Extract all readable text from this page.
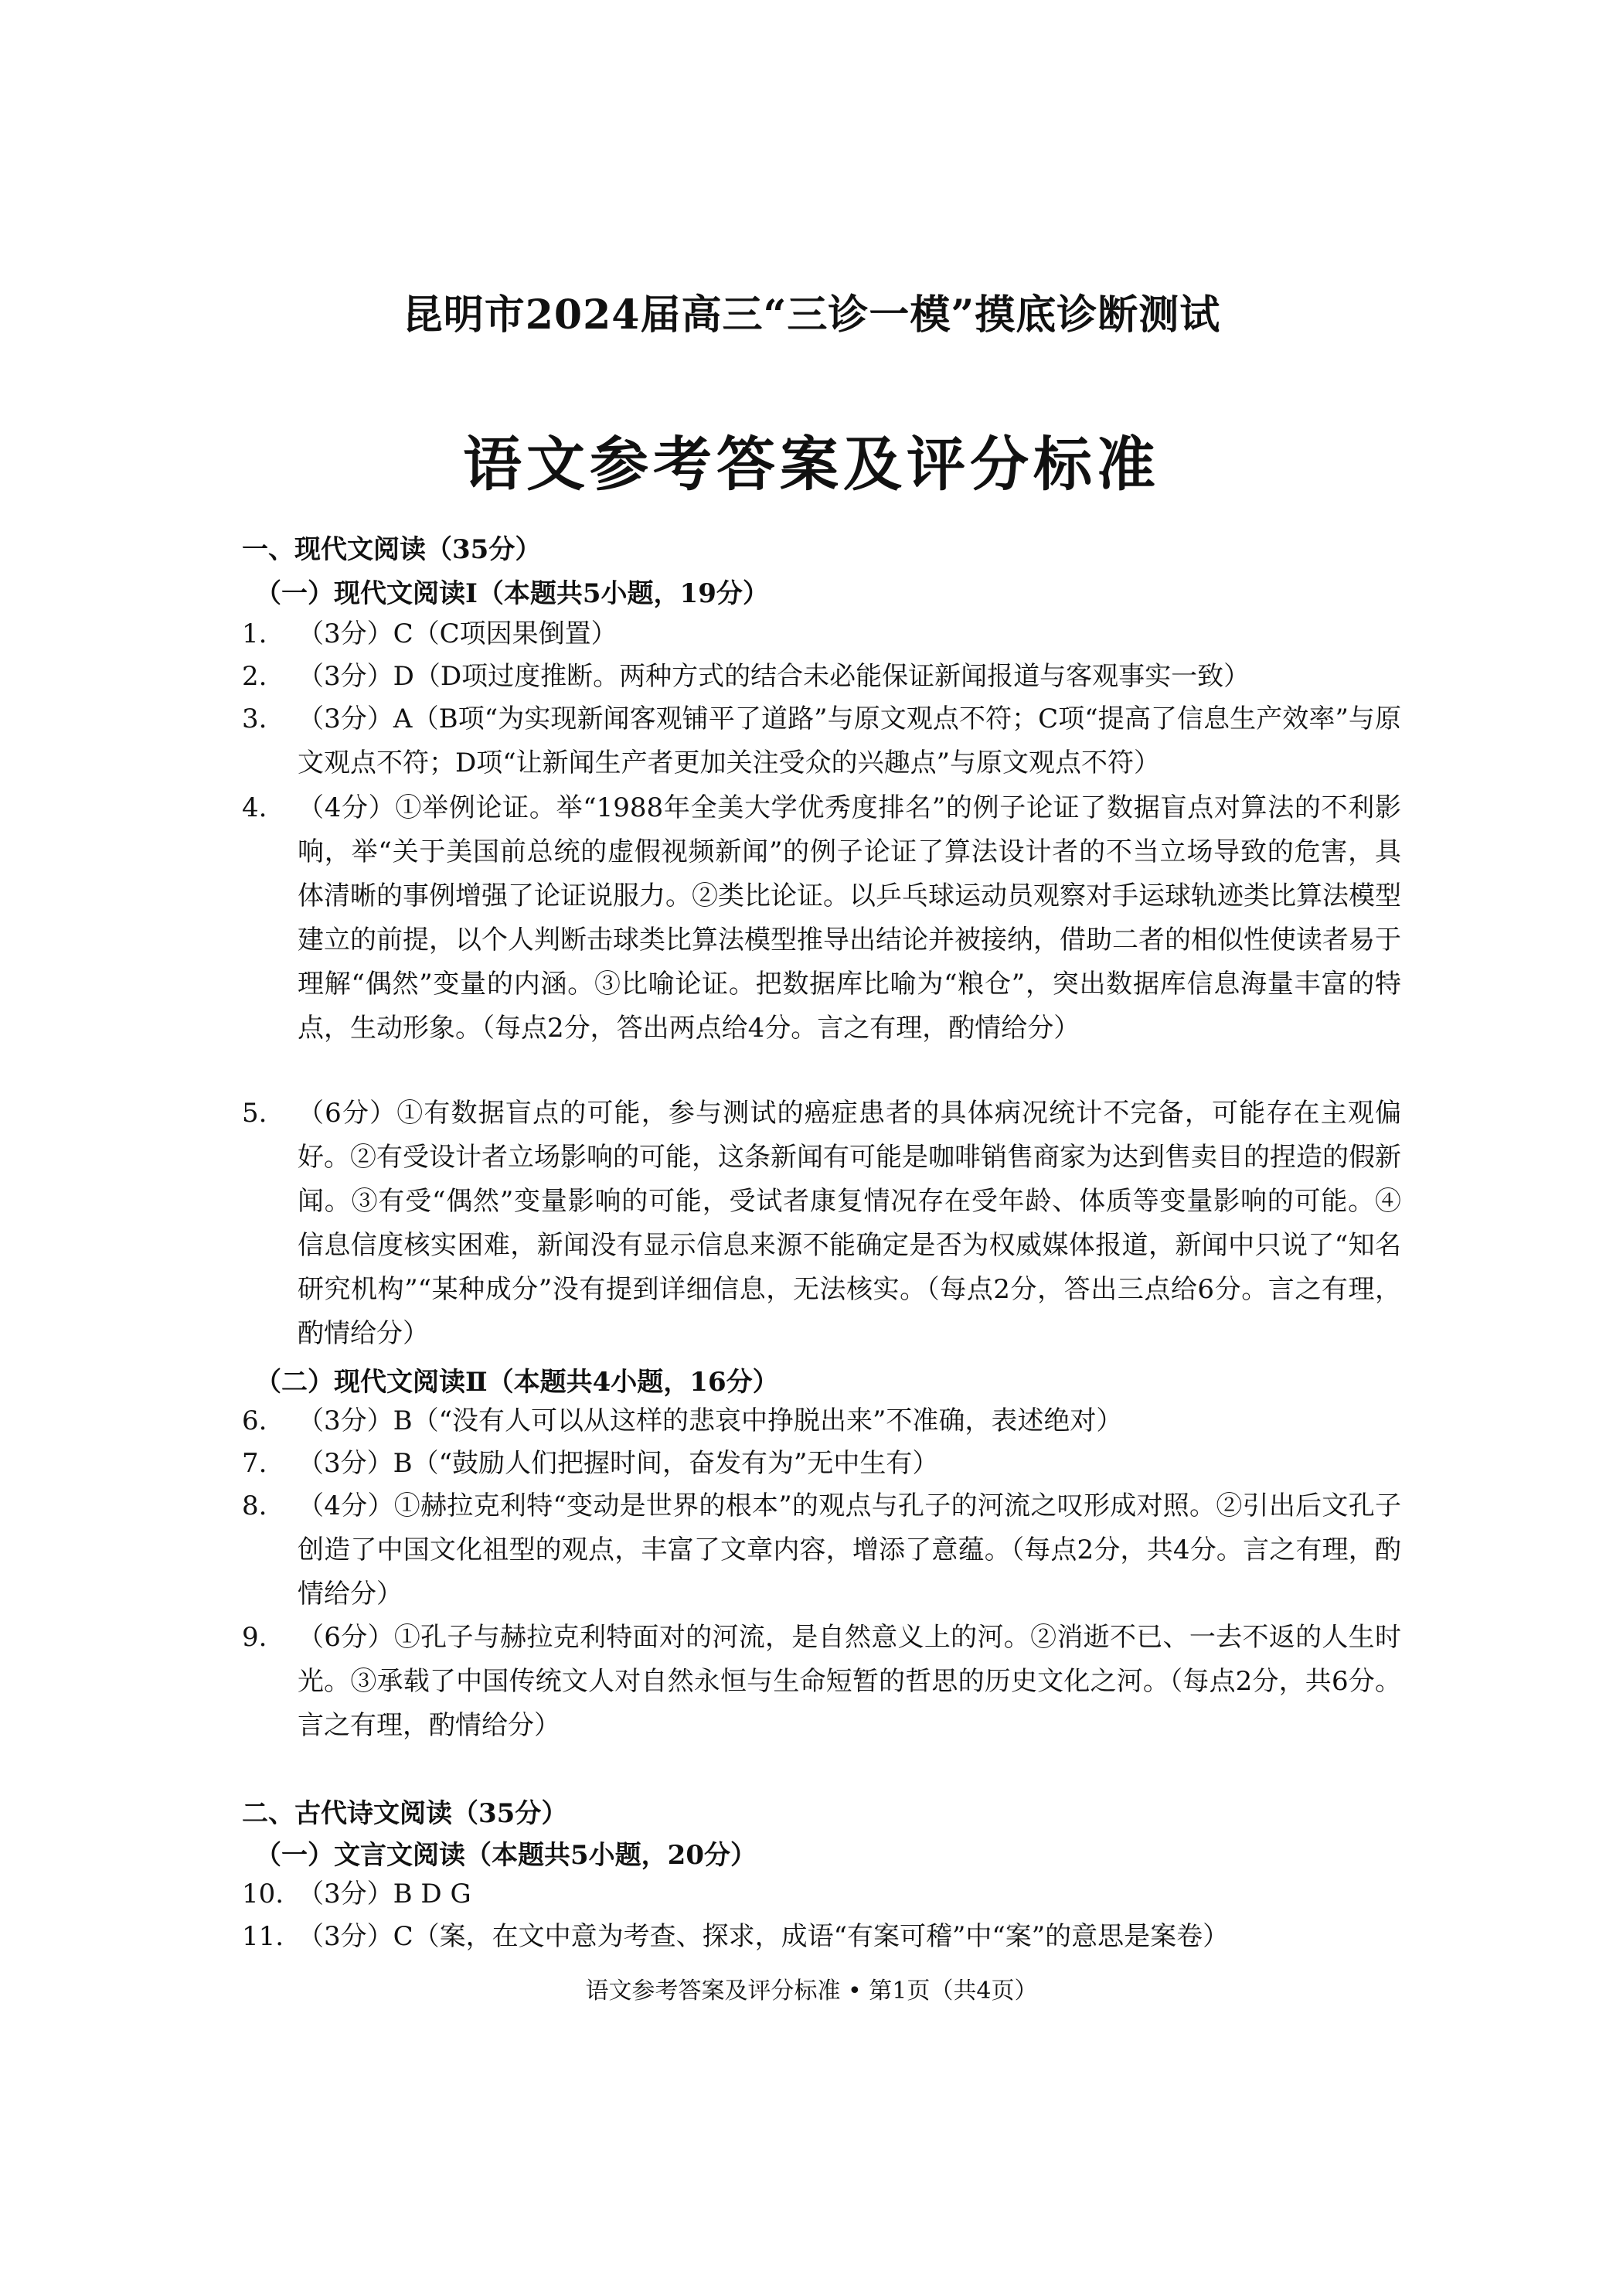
昆明市2024届高三“三诊一模”摸底诊断测试
语文参考答案及评分标准
一、现代文阅读（35分）
（一）现代文阅读Ⅰ（本题共5小题，19分）
1.	（3分）C（C项因果倒置）
2.	（3分）D（D项过度推断。两种方式的结合未必能保证新闻报道与客观事实一致）
3.	（3分）A（B项“为实现新闻客观铺平了道路”与原文观点不符；C项“提高了信息生产效率”与原文观点不符；D项“让新闻生产者更加关注受众的兴趣点”与原文观点不符）
4.	（4分）①举例论证。举“1988年全美大学优秀度排名”的例子论证了数据盲点对算法的不利影响，举“关于美国前总统的虚假视频新闻”的例子论证了算法设计者的不当立场导致的危害，具体清晰的事例增强了论证说服力。②类比论证。以乒乓球运动员观察对手运球轨迹类比算法模型建立的前提，以个人判断击球类比算法模型推导出结论并被接纳，借助二者的相似性使读者易于理解“偶然”变量的内涵。③比喻论证。把数据库比喻为“粮仓”，突出数据库信息海量丰富的特点，生动形象。（每点2分，答出两点给4分。言之有理，酌情给分）
5.	（6分）①有数据盲点的可能，参与测试的癌症患者的具体病况统计不完备，可能存在主观偏好。②有受设计者立场影响的可能，这条新闻有可能是咖啡销售商家为达到售卖目的捏造的假新闻。③有受“偶然”变量影响的可能，受试者康复情况存在受年龄、体质等变量影响的可能。④信息信度核实困难，新闻没有显示信息来源不能确定是否为权威媒体报道，新闻中只说了“知名研究机构”“某种成分”没有提到详细信息，无法核实。（每点2分，答出三点给6分。言之有理，酌情给分）
（二）现代文阅读Ⅱ（本题共4小题，16分）
6.	（3分）B（“没有人可以从这样的悲哀中挣脱出来”不准确，表述绝对）
7.	（3分）B（“鼓励人们把握时间，奋发有为”无中生有）
8.	（4分）①赫拉克利特“变动是世界的根本”的观点与孔子的河流之叹形成对照。②引出后文孔子创造了中国文化祖型的观点，丰富了文章内容，增添了意蕴。（每点2分，共4分。言之有理，酌情给分）
9.	（6分）①孔子与赫拉克利特面对的河流，是自然意义上的河。②消逝不已、一去不返的人生时光。③承载了中国传统文人对自然永恒与生命短暂的哲思的历史文化之河。（每点2分，共6分。言之有理，酌情给分）
二、古代诗文阅读（35分）
（一）文言文阅读（本题共5小题，20分）
10. （3分）B D G
11. （3分）C（案，在文中意为考查、探求，成语“有案可稽”中“案”的意思是案卷）
语文参考答案及评分标准 • 第1页（共4页）
